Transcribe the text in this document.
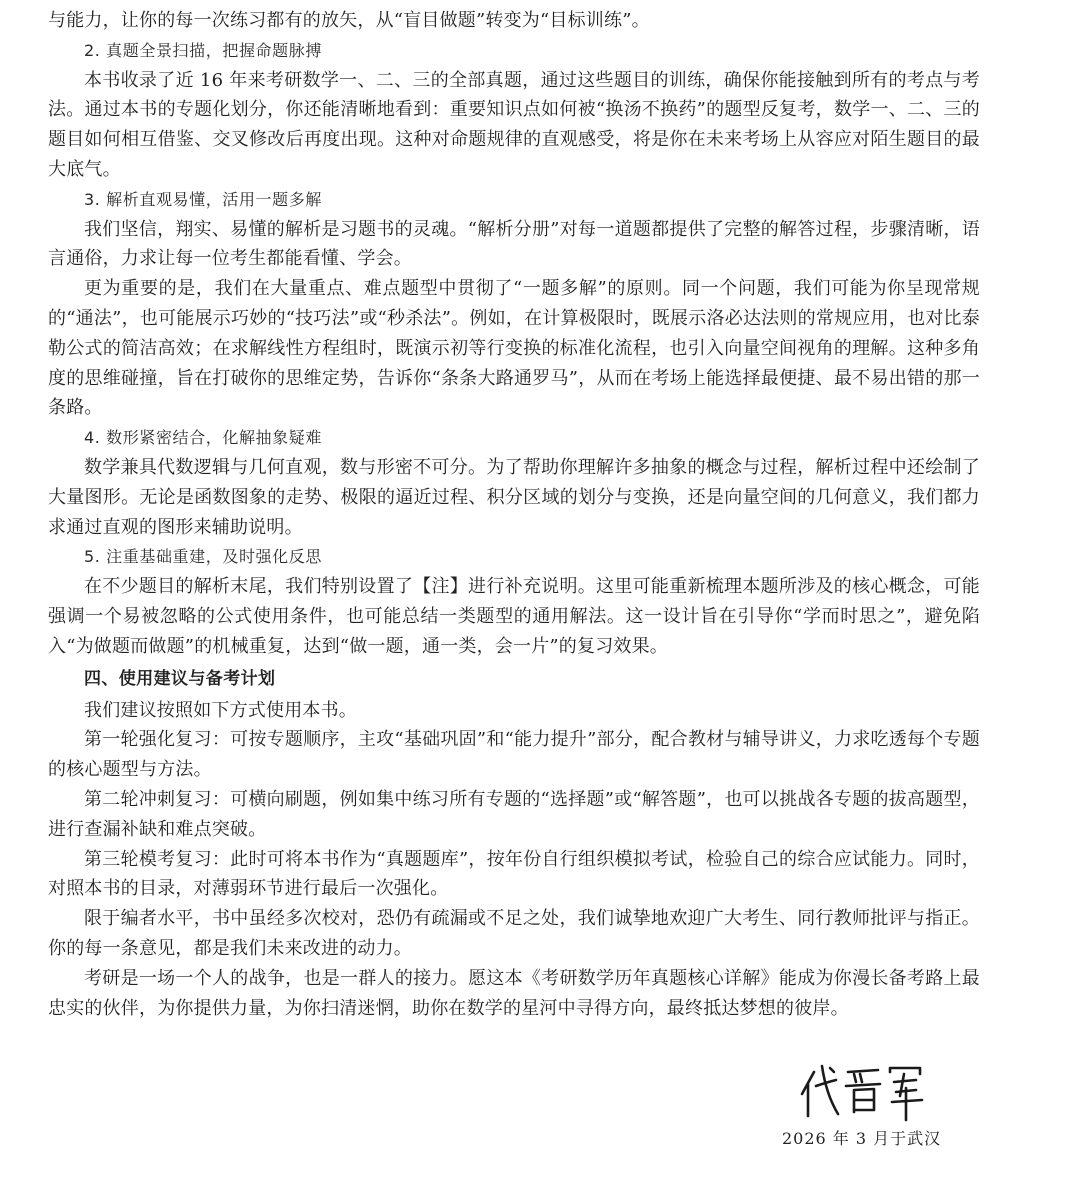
与能力，让你的每一次练习都有的放矢，从“盲目做题”转变为“目标训练”。

2. 真题全景扫描，把握命题脉搏

本书收录了近 16 年来考研数学一、二、三的全部真题，通过这些题目的训练，确保你能接触到所有的考点与考法。通过本书的专题化划分，你还能清晰地看到：重要知识点如何被“换汤不换药”的题型反复考，数学一、二、三的题目如何相互借鉴、交叉修改后再度出现。这种对命题规律的直观感受，将是你在未来考场上从容应对陌生题目的最大底气。

3. 解析直观易懂，活用一题多解

我们坚信，翔实、易懂的解析是习题书的灵魂。“解析分册”对每一道题都提供了完整的解答过程，步骤清晰，语言通俗，力求让每一位考生都能看懂、学会。

更为重要的是，我们在大量重点、难点题型中贯彻了“一题多解”的原则。同一个问题，我们可能为你呈现常规的“通法”，也可能展示巧妙的“技巧法”或“秒杀法”。例如，在计算极限时，既展示洛必达法则的常规应用，也对比泰勒公式的简洁高效；在求解线性方程组时，既演示初等行变换的标准化流程，也引入向量空间视角的理解。这种多角度的思维碰撞，旨在打破你的思维定势，告诉你“条条大路通罗马”，从而在考场上能选择最便捷、最不易出错的那一条路。

4. 数形紧密结合，化解抽象疑难

数学兼具代数逻辑与几何直观，数与形密不可分。为了帮助你理解许多抽象的概念与过程，解析过程中还绘制了大量图形。无论是函数图象的走势、极限的逼近过程、积分区域的划分与变换，还是向量空间的几何意义，我们都力求通过直观的图形来辅助说明。

5. 注重基础重建，及时强化反思

在不少题目的解析末尾，我们特别设置了【注】进行补充说明。这里可能重新梳理本题所涉及的核心概念，可能强调一个易被忽略的公式使用条件，也可能总结一类题型的通用解法。这一设计旨在引导你“学而时思之”，避免陷入“为做题而做题”的机械重复，达到“做一题，通一类，会一片”的复习效果。

四、使用建议与备考计划

我们建议按照如下方式使用本书。

第一轮强化复习：可按专题顺序，主攻“基础巩固”和“能力提升”部分，配合教材与辅导讲义，力求吃透每个专题的核心题型与方法。

第二轮冲刺复习：可横向刷题，例如集中练习所有专题的“选择题”或“解答题”，也可以挑战各专题的拔高题型，进行查漏补缺和难点突破。

第三轮模考复习：此时可将本书作为“真题题库”，按年份自行组织模拟考试，检验自己的综合应试能力。同时，对照本书的目录，对薄弱环节进行最后一次强化。

限于编者水平，书中虽经多次校对，恐仍有疏漏或不足之处，我们诚挚地欢迎广大考生、同行教师批评与指正。你的每一条意见，都是我们未来改进的动力。

考研是一场一个人的战争，也是一群人的接力。愿这本《考研数学历年真题核心详解》能成为你漫长备考路上最忠实的伙伴，为你提供力量，为你扫清迷惘，助你在数学的星河中寻得方向，最终抵达梦想的彼岸。

2026 年 3 月于武汉
